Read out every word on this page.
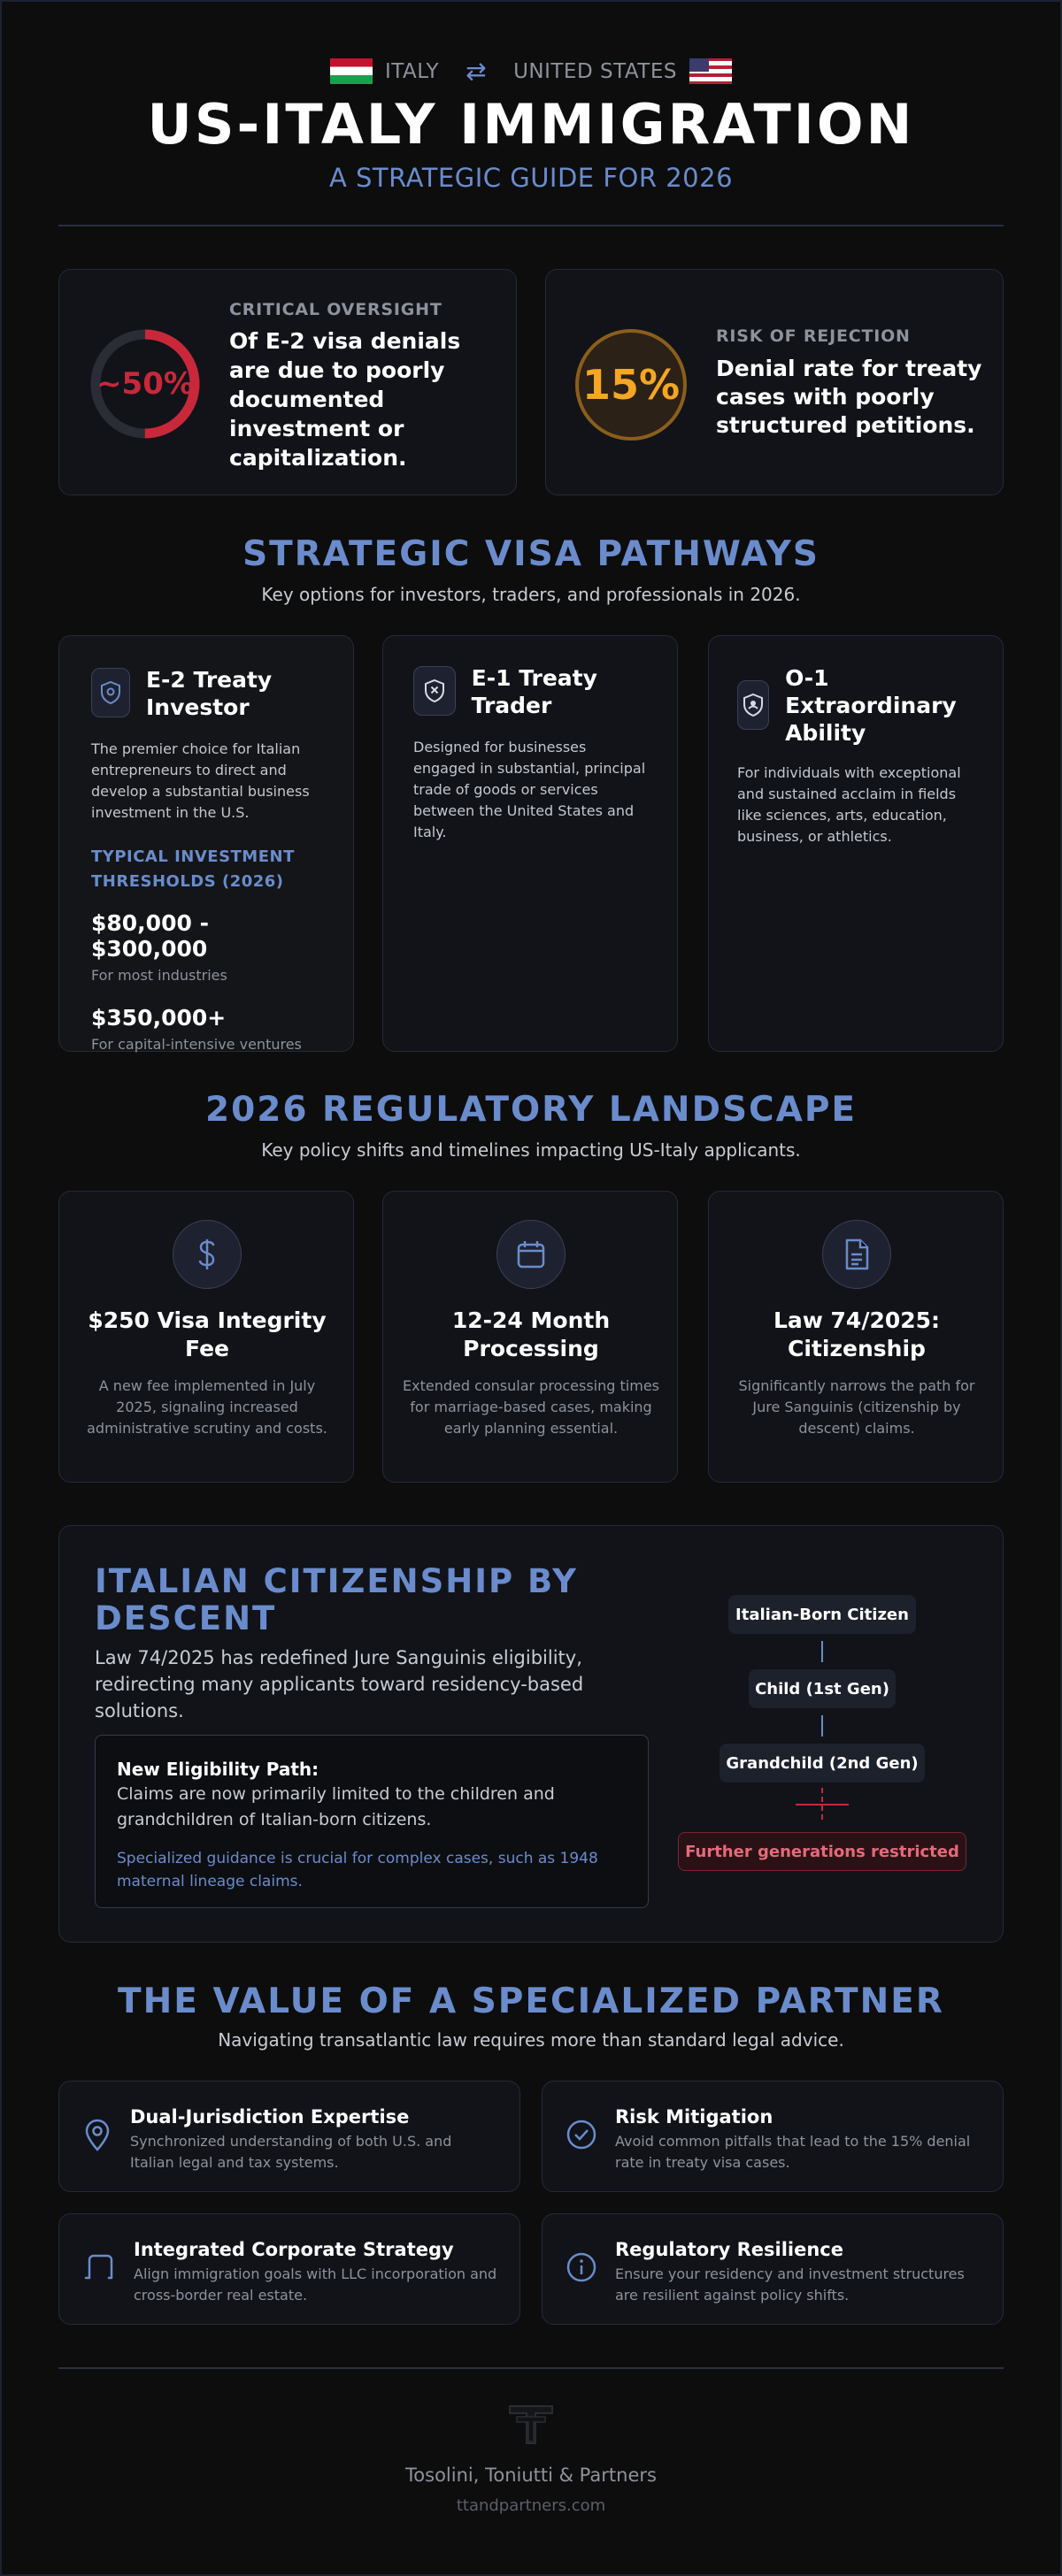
ITALY ⇄ UNITED STATES
US-ITALY IMMIGRATION
A STRATEGIC GUIDE FOR 2026
~50%
CRITICAL OVERSIGHT
Of E-2 visa denials are due to poorly documented investment or capitalization.
15%
RISK OF REJECTION
Denial rate for treaty cases with poorly structured petitions.
STRATEGIC VISA PATHWAYS
Key options for investors, traders, and professionals in 2026.
E-2 Treaty Investor
The premier choice for Italian entrepreneurs to direct and develop a substantial business investment in the U.S.
TYPICAL INVESTMENT THRESHOLDS (2026)
$80,000 - $300,000
For most industries
$350,000+
For capital-intensive ventures
E-1 Treaty Trader
Designed for businesses engaged in substantial, principal trade of goods or services between the United States and Italy.
O-1 Extraordinary Ability
For individuals with exceptional and sustained acclaim in fields like sciences, arts, education, business, or athletics.
2026 REGULATORY LANDSCAPE
Key policy shifts and timelines impacting US-Italy applicants.
$250 Visa Integrity Fee
A new fee implemented in July 2025, signaling increased administrative scrutiny and costs.
12-24 Month Processing
Extended consular processing times for marriage-based cases, making early planning essential.
Law 74/2025: Citizenship
Significantly narrows the path for Jure Sanguinis (citizenship by descent) claims.
ITALIAN CITIZENSHIP BY DESCENT
Law 74/2025 has redefined Jure Sanguinis eligibility, redirecting many applicants toward residency-based solutions.
New Eligibility Path:
Claims are now primarily limited to the children and grandchildren of Italian-born citizens.
Specialized guidance is crucial for complex cases, such as 1948 maternal lineage claims.
Italian-Born Citizen
Child (1st Gen)
Grandchild (2nd Gen)
Further generations restricted
THE VALUE OF A SPECIALIZED PARTNER
Navigating transatlantic law requires more than standard legal advice.
Dual-Jurisdiction Expertise
Synchronized understanding of both U.S. and Italian legal and tax systems.
Risk Mitigation
Avoid common pitfalls that lead to the 15% denial rate in treaty visa cases.
Integrated Corporate Strategy
Align immigration goals with LLC incorporation and cross-border real estate.
Regulatory Resilience
Ensure your residency and investment structures are resilient against policy shifts.
Tosolini, Toniutti & Partners
ttandpartners.com
